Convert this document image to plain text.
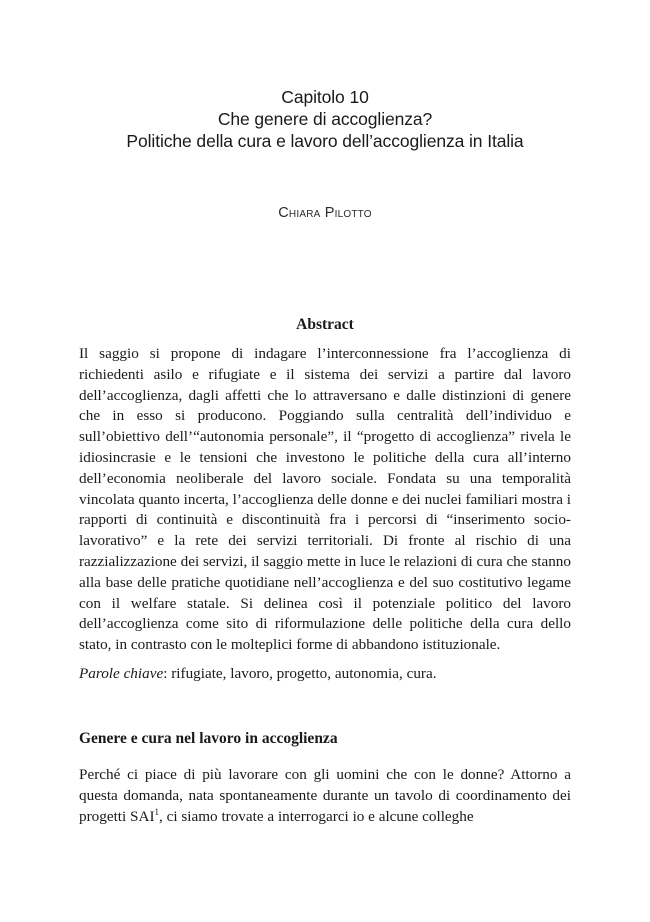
Capitolo 10
Che genere di accoglienza?
Politiche della cura e lavoro dell’accoglienza in Italia
Chiara Pilotto
Abstract

Il saggio si propone di indagare l’interconnessione fra l’accoglienza di richiedenti asilo e rifugiate e il sistema dei servizi a partire dal lavoro dell’accoglienza, dagli affetti che lo attraversano e dalle distinzioni di genere che in esso si producono. Poggiando sulla centralità dell’individuo e sull’obiettivo dell’“autonomia personale”, il “progetto di accoglienza” rivela le idiosincrasie e le tensioni che investono le politiche della cura all’interno dell’economia neoliberale del lavoro sociale. Fondata su una temporalità vincolata quanto incerta, l’accoglienza delle donne e dei nuclei familiari mostra i rapporti di continuità e discontinuità fra i percorsi di “inserimento socio-lavorativo” e la rete dei servizi territoriali. Di fronte al rischio di una razzializzazione dei servizi, il saggio mette in luce le relazioni di cura che stanno alla base delle pratiche quotidiane nell’accoglienza e del suo costitutivo legame con il welfare statale. Si delinea così il potenziale politico del lavoro dell’accoglienza come sito di riformulazione delle politiche della cura dello stato, in contrasto con le molteplici forme di abbandono istituzionale.

Parole chiave: rifugiate, lavoro, progetto, autonomia, cura.

Genere e cura nel lavoro in accoglienza

Perché ci piace di più lavorare con gli uomini che con le donne? Attorno a questa domanda, nata spontaneamente durante un tavolo di coordinamento dei progetti SAI$^1$, ci siamo trovate a interrogarci io e alcune colleghe
